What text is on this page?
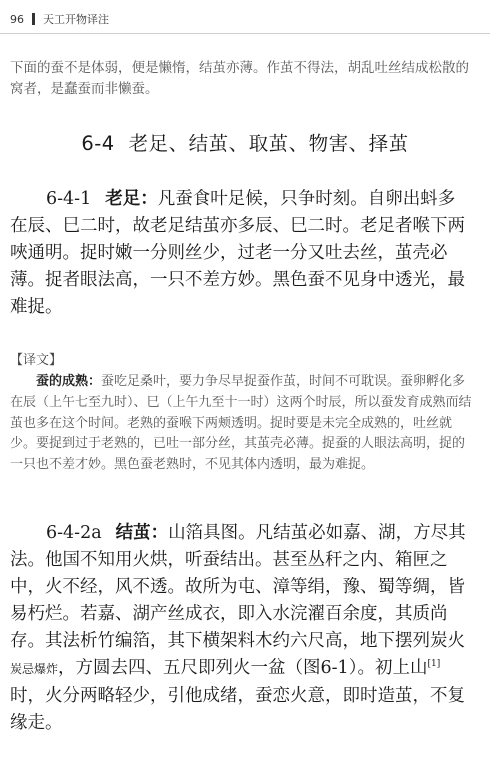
96 天工开物译注

下面的蚕不是体弱，便是懒惰，结茧亦薄。作茧不得法，胡乱吐丝结成松散的窝者，是蠢蚕而非懒蚕。

6-4 老足、结茧、取茧、物害、择茧

6-4-1 老足：凡蚕食叶足候，只争时刻。自卵出蚪多在辰、巳二时，故老足结茧亦多辰、巳二时。老足者喉下两唊通明。捉时嫩一分则丝少，过老一分又吐去丝，茧壳必薄。捉者眼法高，一只不差方妙。黑色蚕不见身中透光，最难捉。

【译文】

蚕的成熟：蚕吃足桑叶，要力争尽早捉蚕作茧，时间不可耽误。蚕卵孵化多在辰（上午七至九时）、巳（上午九至十一时）这两个时辰，所以蚕发育成熟而结茧也多在这个时间。老熟的蚕喉下两颊透明。捉时要是未完全成熟的，吐丝就少。要捉到过于老熟的，已吐一部分丝，其茧壳必薄。捉蚕的人眼法高明，捉的一只也不差才妙。黑色蚕老熟时，不见其体内透明，最为难捉。

6-4-2a 结茧：山箔具图。凡结茧必如嘉、湖，方尽其法。他国不知用火烘，听蚕结出。甚至丛秆之内、箱匣之中，火不经，风不透。故所为屯、漳等绢，豫、蜀等绸，皆易朽烂。若嘉、湖产丝成衣，即入水浣濯百余度，其质尚存。其法析竹编箔，其下横架料木约六尺高，地下摆列炭火炭忌爆炸，方圆去四、五尺即列火一盆（图6-1）。初上山[1]时，火分两略轻少，引他成绪，蚕恋火意，即时造茧，不复缘走。
